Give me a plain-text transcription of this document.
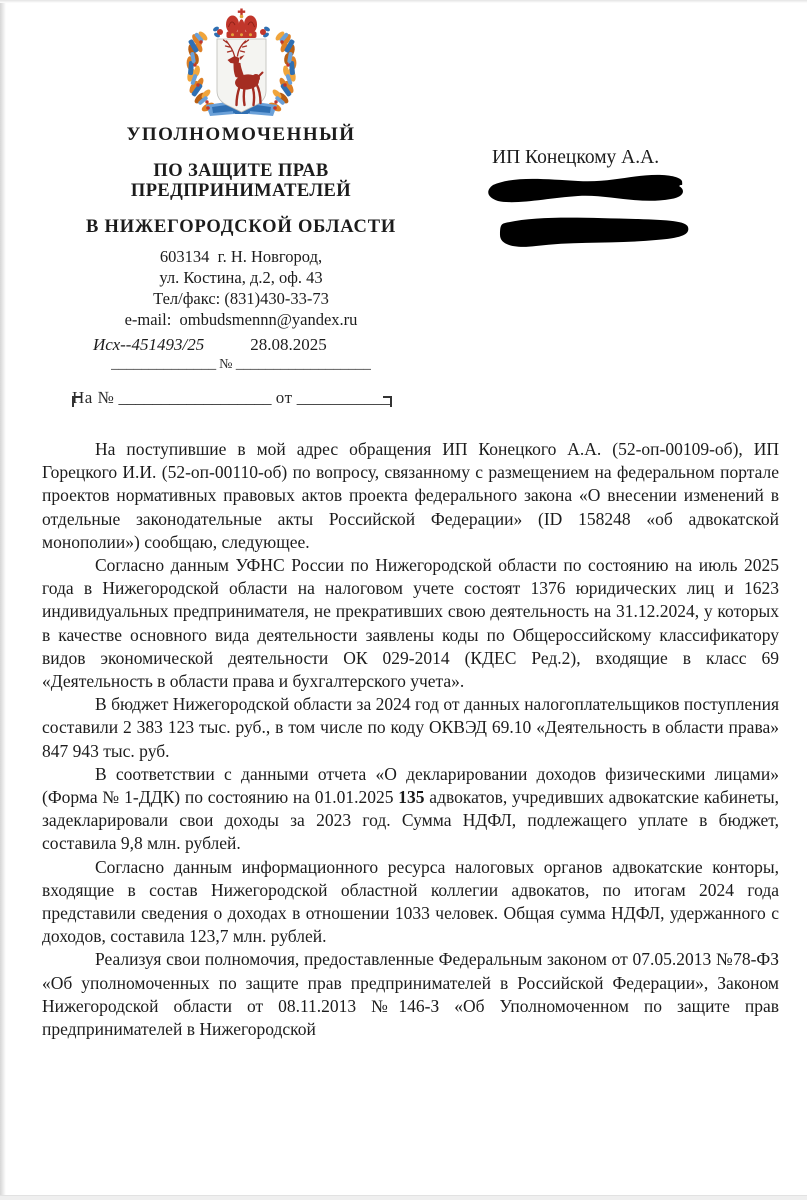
УПОЛНОМОЧЕННЫЙ
ПО ЗАЩИТЕ ПРАВ ПРЕДПРИНИМАТЕЛЕЙ
В НИЖЕГОРОДСКОЙ ОБЛАСТИ
603134  г. Н. Новгород,
ул. Костина, д.2, оф. 43
Тел/факс: (831)430-33-73
e-mail:  ombudsmennn@yandex.ru
Исх--451493/25	28.08.2025
______________ № __________________
На № __________________ от ___________
ИП Конецкому А.А.

На поступившие в мой адрес обращения ИП Конецкого А.А. (52-оп-00109-об), ИП Горецкого И.И. (52-оп-00110-об) по вопросу, связанному с размещением на федеральном портале проектов нормативных правовых актов проекта федерального закона «О внесении изменений в отдельные законодательные акты Российской Федерации» (ID 158248 «об адвокатской монополии») сообщаю, следующее.

Согласно данным УФНС России по Нижегородской области по состоянию на июль 2025 года в Нижегородской области на налоговом учете состоят 1376 юридических лиц и 1623 индивидуальных предпринимателя, не прекративших свою деятельность на 31.12.2024, у которых в качестве основного вида деятельности заявлены коды по Общероссийскому классификатору видов экономической деятельности ОК 029-2014 (КДЕС Ред.2), входящие в класс 69 «Деятельность в области права и бухгалтерского учета».

В бюджет Нижегородской области за 2024 год от данных налогоплательщиков поступления составили 2 383 123 тыс. руб., в том числе по коду ОКВЭД 69.10 «Деятельность в области права» 847 943 тыс. руб.

В соответствии с данными отчета «О декларировании доходов физическими лицами» (Форма № 1-ДДК) по состоянию на 01.01.2025 135 адвокатов, учредивших адвокатские кабинеты, задекларировали свои доходы за 2023 год. Сумма НДФЛ, подлежащего уплате в бюджет, составила 9,8 млн. рублей.

Согласно данным информационного ресурса налоговых органов адвокатские конторы, входящие в состав Нижегородской областной коллегии адвокатов, по итогам 2024 года представили сведения о доходах в отношении 1033 человек. Общая сумма НДФЛ, удержанного с доходов, составила 123,7 млн. рублей.

Реализуя свои полномочия, предоставленные Федеральным законом от 07.05.2013 №78-ФЗ «Об уполномоченных по защите прав предпринимателей в Российской Федерации», Законом Нижегородской области от 08.11.2013 №146-З «Об Уполномоченном по защите прав предпринимателей в Нижегородской
